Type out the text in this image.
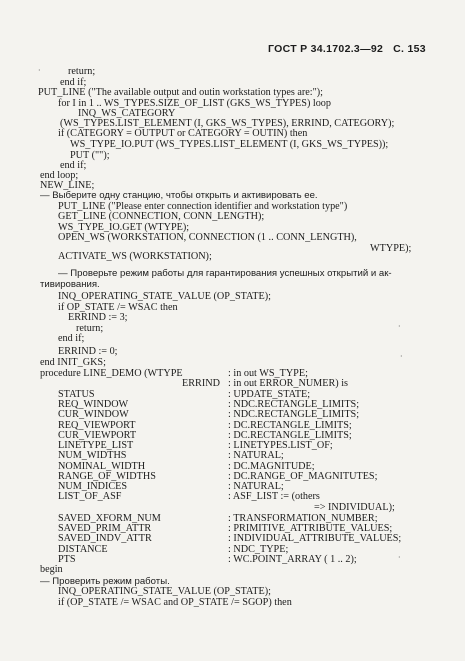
ГОСТ Р 34.1702.3—92 С. 153
return;
end if;
PUT_LINE ("The available output and outin workstation types are:");
for I in 1 .. WS_TYPES.SIZE_OF_LIST (GKS_WS_TYPES) loop
INQ_WS_CATEGORY
(WS_TYPES.LIST_ELEMENT (I, GKS_WS_TYPES), ERRIND, CATEGORY);
if (CATEGORY = OUTPUT or CATEGORY = OUTIN) then
WS_TYPE_IO.PUT (WS_TYPES.LIST_ELEMENT (I, GKS_WS_TYPES));
PUT ("");
end if;
end loop;
NEW_LINE;
— Выберите одну станцию, чтобы открыть и активировать ее.
PUT_LINE ("Please enter connection identifier and workstation type")
GET_LINE (CONNECTION, CONN_LENGTH);
WS_TYPE_IO.GET (WTYPE);
OPEN_WS (WORKSTATION, CONNECTION (1 .. CONN_LENGTH),
WTYPE);
ACTIVATE_WS (WORKSTATION);
— Проверьте режим работы для гарантирования успешных открытий и ак-
тивирования.
INQ_OPERATING_STATE_VALUE (OP_STATE);
if OP_STATE /= WSAC then
ERRIND := 3;
return;
end if;
ERRIND := 0;
end INIT_GKS;
procedure LINE_DEMO (WTYPE	: in out WS_TYPE;
ERRIND : in out ERROR_NUMER) is
STATUS	: UPDATE_STATE;
REQ_WINDOW	: NDC.RECTANGLE_LIMITS;
CUR_WINDOW	: NDC.RECTANGLE_LIMITS;
REQ_VIEWPORT	: DC.RECTANGLE_LIMITS;
CUR_VIEWPORT	: DC.RECTANGLE_LIMITS;
LINETYPE_LIST	: LINETYPES.LIST_OF;
NUM_WIDTHS	: NATURAL;
NOMINAL_WIDTH	: DC.MAGNITUDE;
RANGE_OF_WIDTHS	: DC.RANGE_OF_MAGNITUTES;
NUM_INDICES	: NATURAL;
LIST_OF_ASF	: ASF_LIST := (others
=> INDIVIDUAL);
SAVED_XFORM_NUM	: TRANSFORMATION_NUMBER;
SAVED_PRIM_ATTR	: PRIMITIVE_ATTRIBUTE_VALUES;
SAVED_INDV_ATTR	: INDIVIDUAL_ATTRIBUTE_VALUES;
DISTANCE	: NDC_TYPE;
PTS	: WC.POINT_ARRAY ( 1 .. 2);
begin
— Проверить режим работы.
INQ_OPERATING_STATE_VALUE (OP_STATE);
if (OP_STATE /= WSAC and OP_STATE /= SGOP) then
·
·
·
·
